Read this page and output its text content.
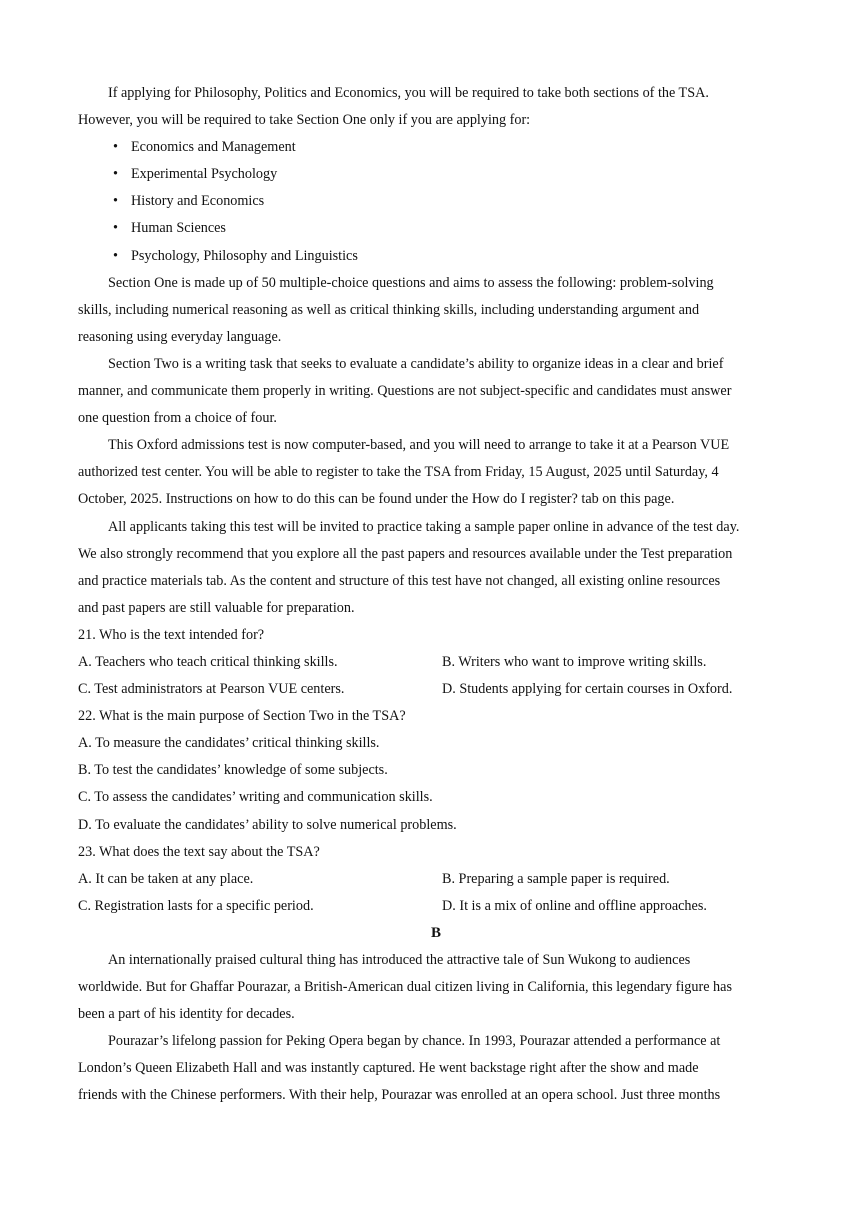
If applying for Philosophy, Politics and Economics, you will be required to take both sections of the TSA.
However, you will be required to take Section One only if you are applying for:
• Economics and Management
• Experimental Psychology
• History and Economics
• Human Sciences
• Psychology, Philosophy and Linguistics
Section One is made up of 50 multiple-choice questions and aims to assess the following: problem-solving
skills, including numerical reasoning as well as critical thinking skills, including understanding argument and
reasoning using everyday language.
Section Two is a writing task that seeks to evaluate a candidate’s ability to organize ideas in a clear and brief
manner, and communicate them properly in writing. Questions are not subject-specific and candidates must answer
one question from a choice of four.
This Oxford admissions test is now computer-based, and you will need to arrange to take it at a Pearson VUE
authorized test center. You will be able to register to take the TSA from Friday, 15 August, 2025 until Saturday, 4
October, 2025. Instructions on how to do this can be found under the How do I register? tab on this page.
All applicants taking this test will be invited to practice taking a sample paper online in advance of the test day.
We also strongly recommend that you explore all the past papers and resources available under the Test preparation
and practice materials tab. As the content and structure of this test have not changed, all existing online resources
and past papers are still valuable for preparation.
21. Who is the text intended for?
A. Teachers who teach critical thinking skills.	B. Writers who want to improve writing skills.
C. Test administrators at Pearson VUE centers.	D. Students applying for certain courses in Oxford.
22. What is the main purpose of Section Two in the TSA?
A. To measure the candidates’ critical thinking skills.
B. To test the candidates’ knowledge of some subjects.
C. To assess the candidates’ writing and communication skills.
D. To evaluate the candidates’ ability to solve numerical problems.
23. What does the text say about the TSA?
A. It can be taken at any place.	B. Preparing a sample paper is required.
C. Registration lasts for a specific period.	D. It is a mix of online and offline approaches.
B
An internationally praised cultural thing has introduced the attractive tale of Sun Wukong to audiences
worldwide. But for Ghaffar Pourazar, a British-American dual citizen living in California, this legendary figure has
been a part of his identity for decades.
Pourazar’s lifelong passion for Peking Opera began by chance. In 1993, Pourazar attended a performance at
London’s Queen Elizabeth Hall and was instantly captured. He went backstage right after the show and made
friends with the Chinese performers. With their help, Pourazar was enrolled at an opera school. Just three months
